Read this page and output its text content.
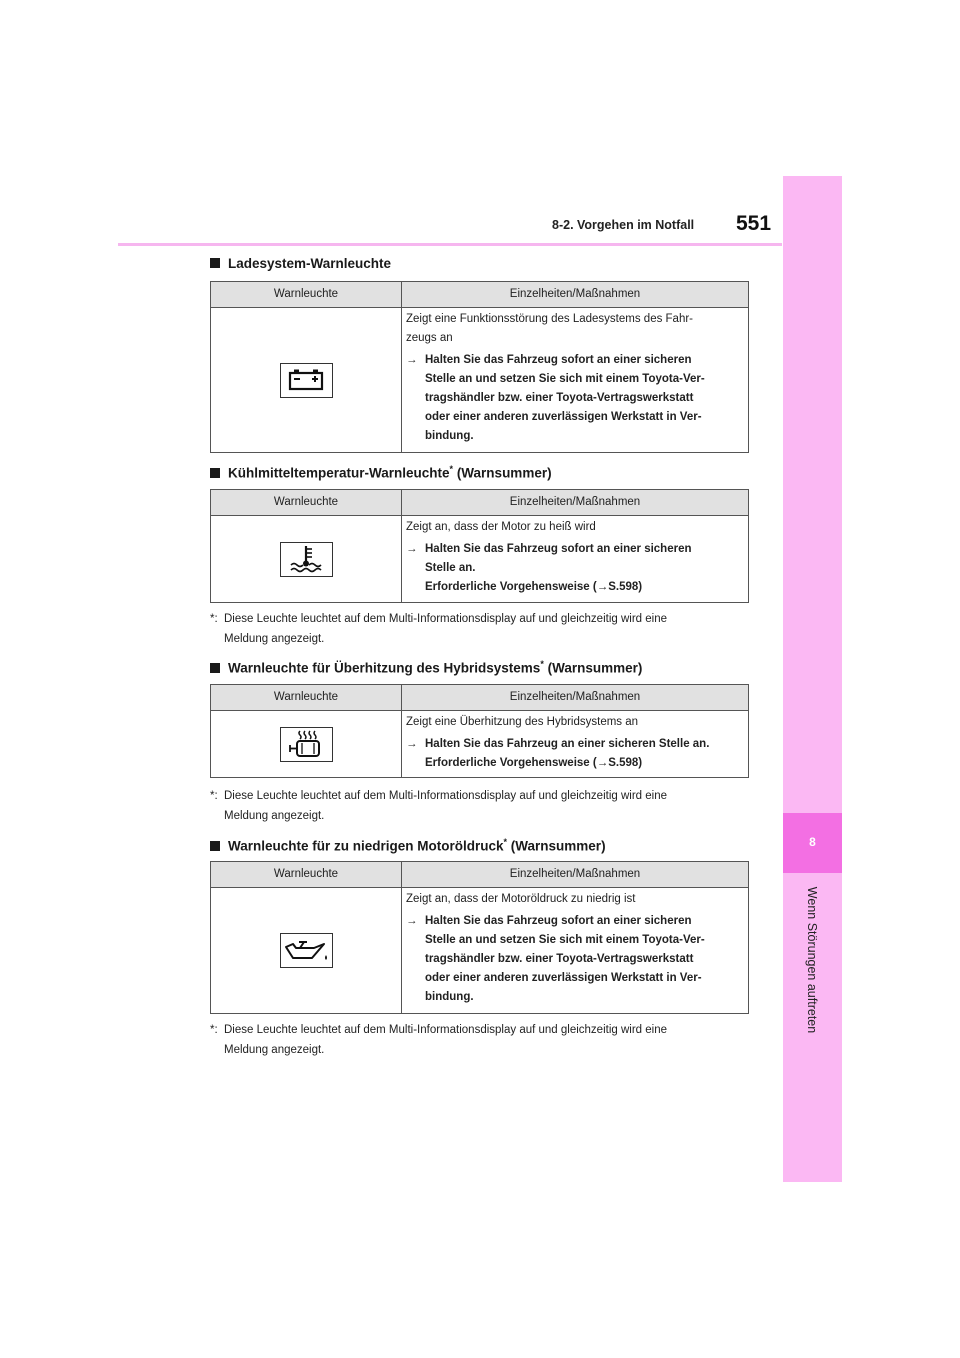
8-2. Vorgehen im Notfall 551
8
Wenn Störungen auftreten
Ladesystem-Warnleuchte
Warnleuchte	Einzelheiten/Maßnahmen
Zeigt eine Funktionsstörung des Ladesystems des Fahr-
zeugs an
→ Halten Sie das Fahrzeug sofort an einer sicheren
Stelle an und setzen Sie sich mit einem Toyota-Ver-
tragshändler bzw. einer Toyota-Vertragswerkstatt
oder einer anderen zuverlässigen Werkstatt in Ver-
bindung.
Kühlmitteltemperatur-Warnleuchte* (Warnsummer)
Warnleuchte	Einzelheiten/Maßnahmen
Zeigt an, dass der Motor zu heiß wird
→ Halten Sie das Fahrzeug sofort an einer sicheren
Stelle an.
Erforderliche Vorgehensweise (→S.598)
*: Diese Leuchte leuchtet auf dem Multi-Informationsdisplay auf und gleichzeitig wird eine
Meldung angezeigt.
Warnleuchte für Überhitzung des Hybridsystems* (Warnsummer)
Warnleuchte	Einzelheiten/Maßnahmen
Zeigt eine Überhitzung des Hybridsystems an
→ Halten Sie das Fahrzeug an einer sicheren Stelle an.
Erforderliche Vorgehensweise (→S.598)
*: Diese Leuchte leuchtet auf dem Multi-Informationsdisplay auf und gleichzeitig wird eine
Meldung angezeigt.
Warnleuchte für zu niedrigen Motoröldruck* (Warnsummer)
Warnleuchte	Einzelheiten/Maßnahmen
Zeigt an, dass der Motoröldruck zu niedrig ist
→ Halten Sie das Fahrzeug sofort an einer sicheren
Stelle an und setzen Sie sich mit einem Toyota-Ver-
tragshändler bzw. einer Toyota-Vertragswerkstatt
oder einer anderen zuverlässigen Werkstatt in Ver-
bindung.
*: Diese Leuchte leuchtet auf dem Multi-Informationsdisplay auf und gleichzeitig wird eine
Meldung angezeigt.
